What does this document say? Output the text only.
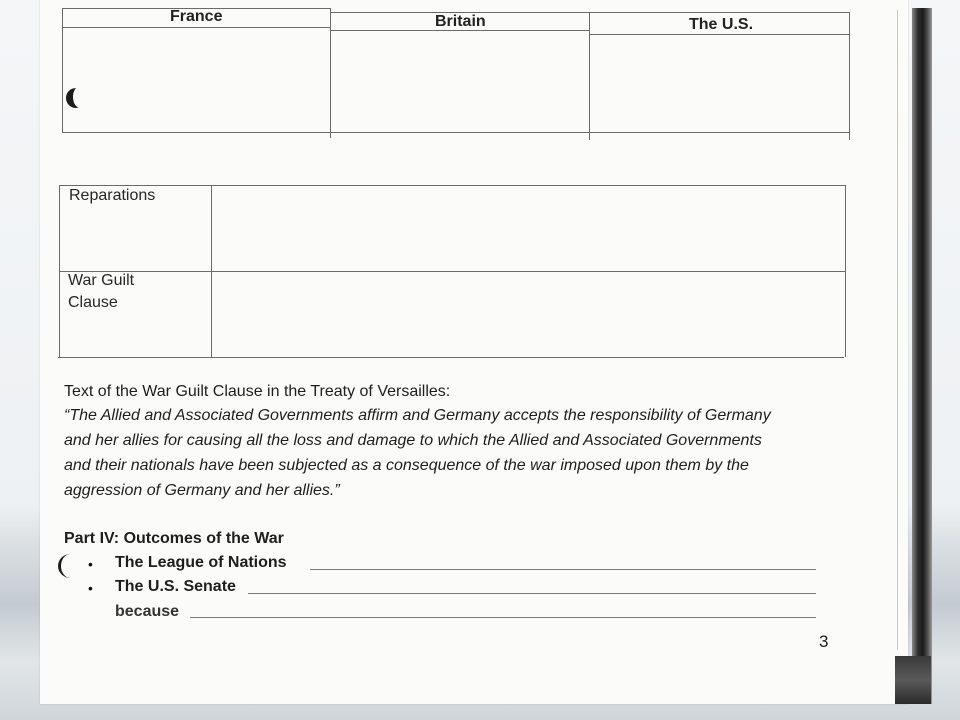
France	Britain	The U.S.
Reparations
War Guilt
Clause
Text of the War Guilt Clause in the Treaty of Versailles:
“The Allied and Associated Governments affirm and Germany accepts the responsibility of Germany
and her allies for causing all the loss and damage to which the Allied and Associated Governments
and their nationals have been subjected as a consequence of the war imposed upon them by the
aggression of Germany and her allies.”
Part IV: Outcomes of the War
• The League of Nations
• The U.S. Senate
because
3
